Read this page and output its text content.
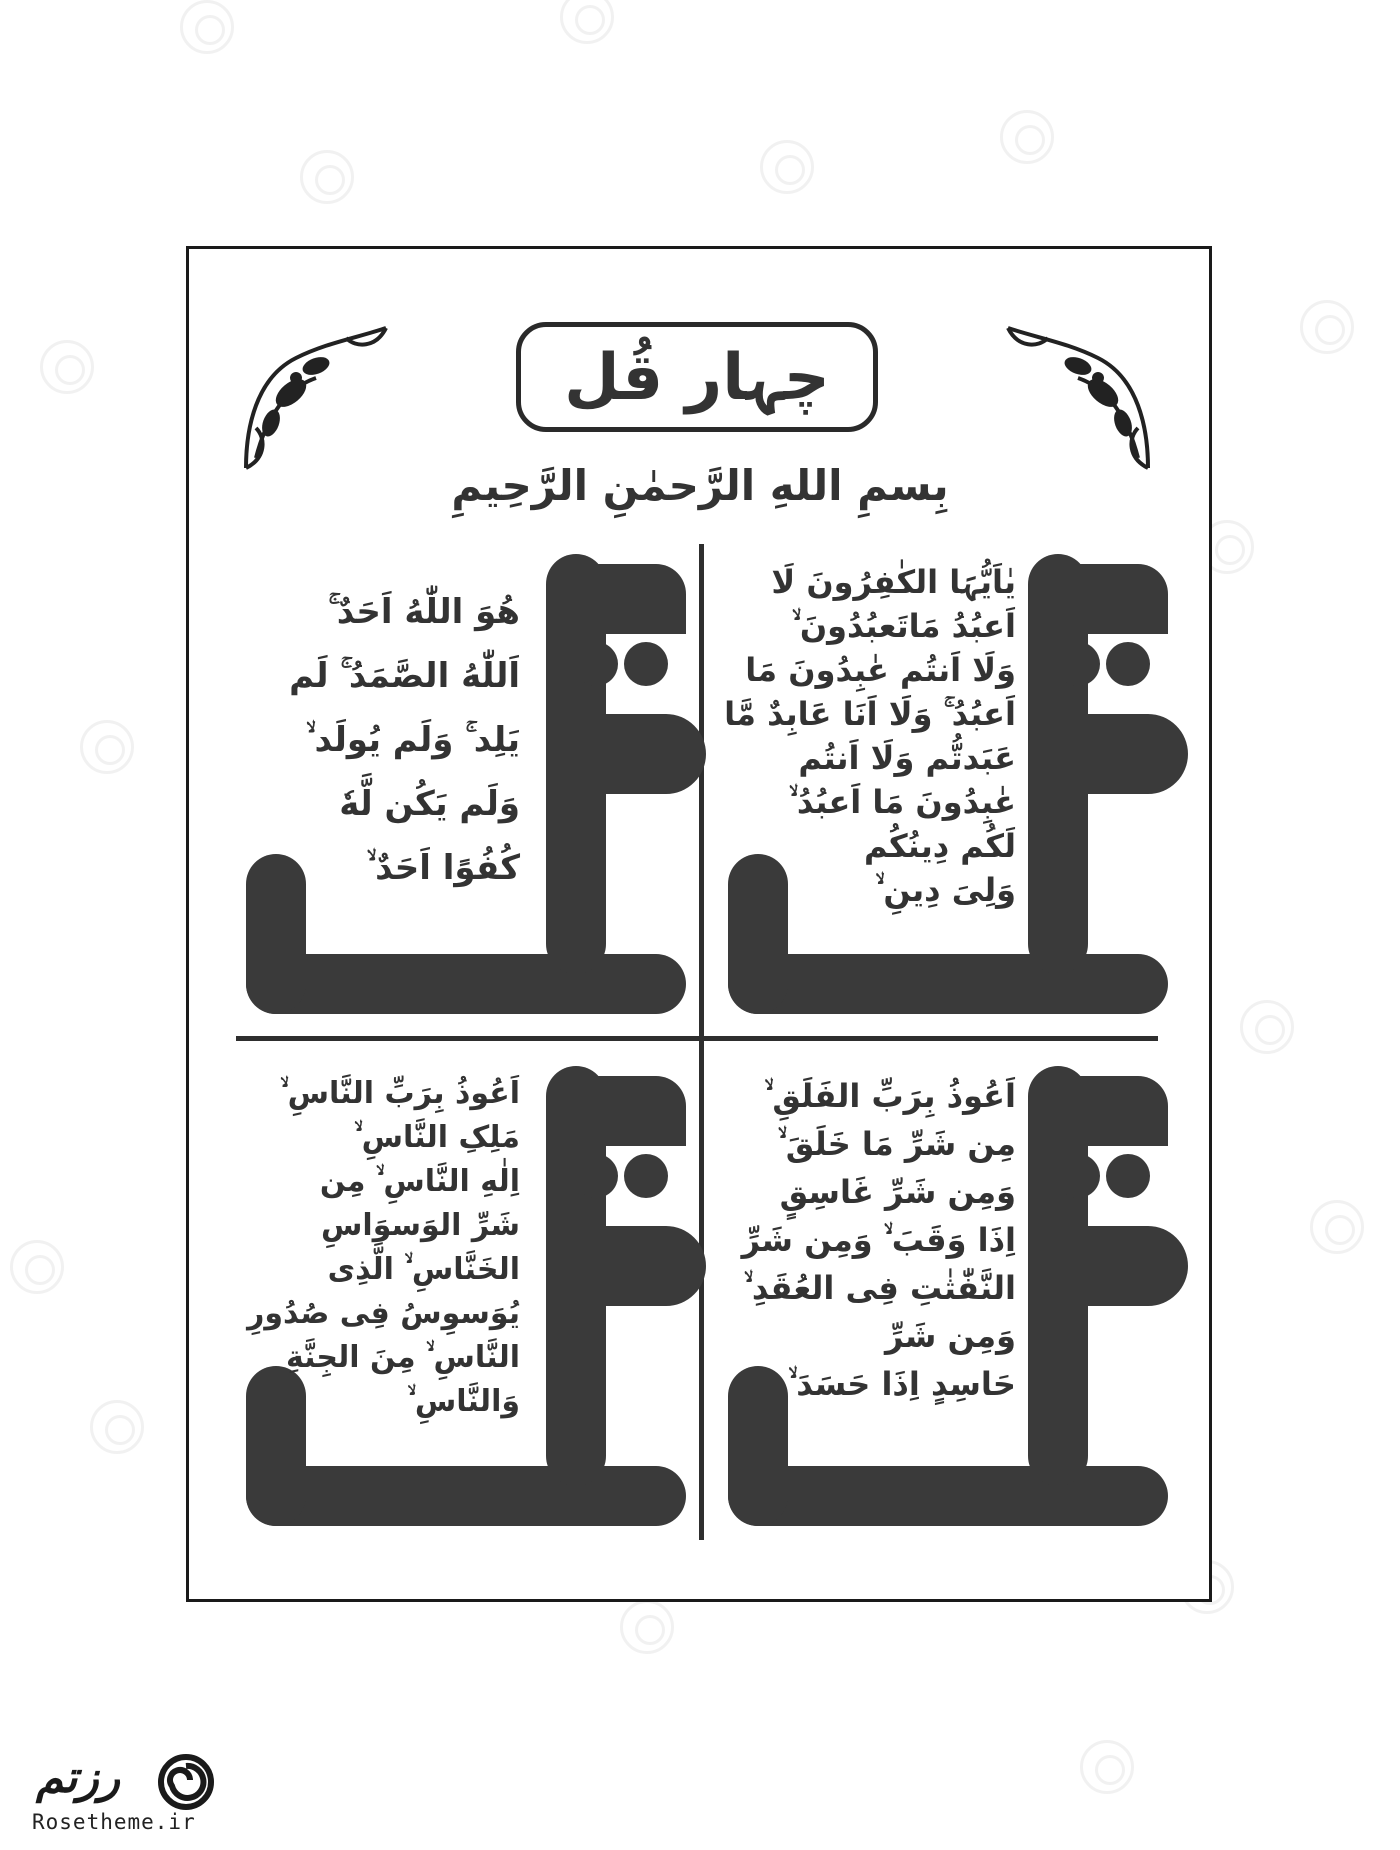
چہار قُل
بِسمِ اللهِ الرَّحمٰنِ الرَّحِیمِ
یٰاَیُّہَا الکٰفِرُونَ لَا
اَعبُدُ مَاتَعبُدُونَ ۙ
وَلَا اَنتُم عٰبِدُونَ مَا
اَعبُدُ ۚ وَلَا اَنَا عَابِدٌ مَّا
عَبَدتُّم وَلَا اَنتُم
عٰبِدُونَ مَا اَعبُدُ ۙ
لَکُم دِینُکُم
وَلِیَ دِینِ ۙ
هُوَ اللّٰهُ اَحَدٌ ۚ
اَللّٰهُ الصَّمَدُ ۚ لَم
یَلِد ۚ وَلَم یُولَد ۙ
وَلَم یَکُن لَّهٗ
کُفُوًا اَحَدٌ ۙ
اَعُوذُ بِرَبِّ الفَلَقِ ۙ
مِن شَرِّ مَا خَلَقَ ۙ
وَمِن شَرِّ غَاسِقٍ
اِذَا وَقَبَ ۙ وَمِن شَرِّ
النَّفّٰثٰتِ فِی العُقَدِ ۙ
وَمِن شَرِّ
حَاسِدٍ اِذَا حَسَدَ ۙ
اَعُوذُ بِرَبِّ النَّاسِ ۙ
مَلِکِ النَّاسِ ۙ
اِلٰهِ النَّاسِ ۙ مِن
شَرِّ الوَسوَاسِ
الخَنَّاسِ ۙ الَّذِی
یُوَسوِسُ فِی صُدُورِ
النَّاسِ ۙ مِنَ الجِنَّةِ
وَالنَّاسِ ۙ
رزتم
Rosetheme.ir
